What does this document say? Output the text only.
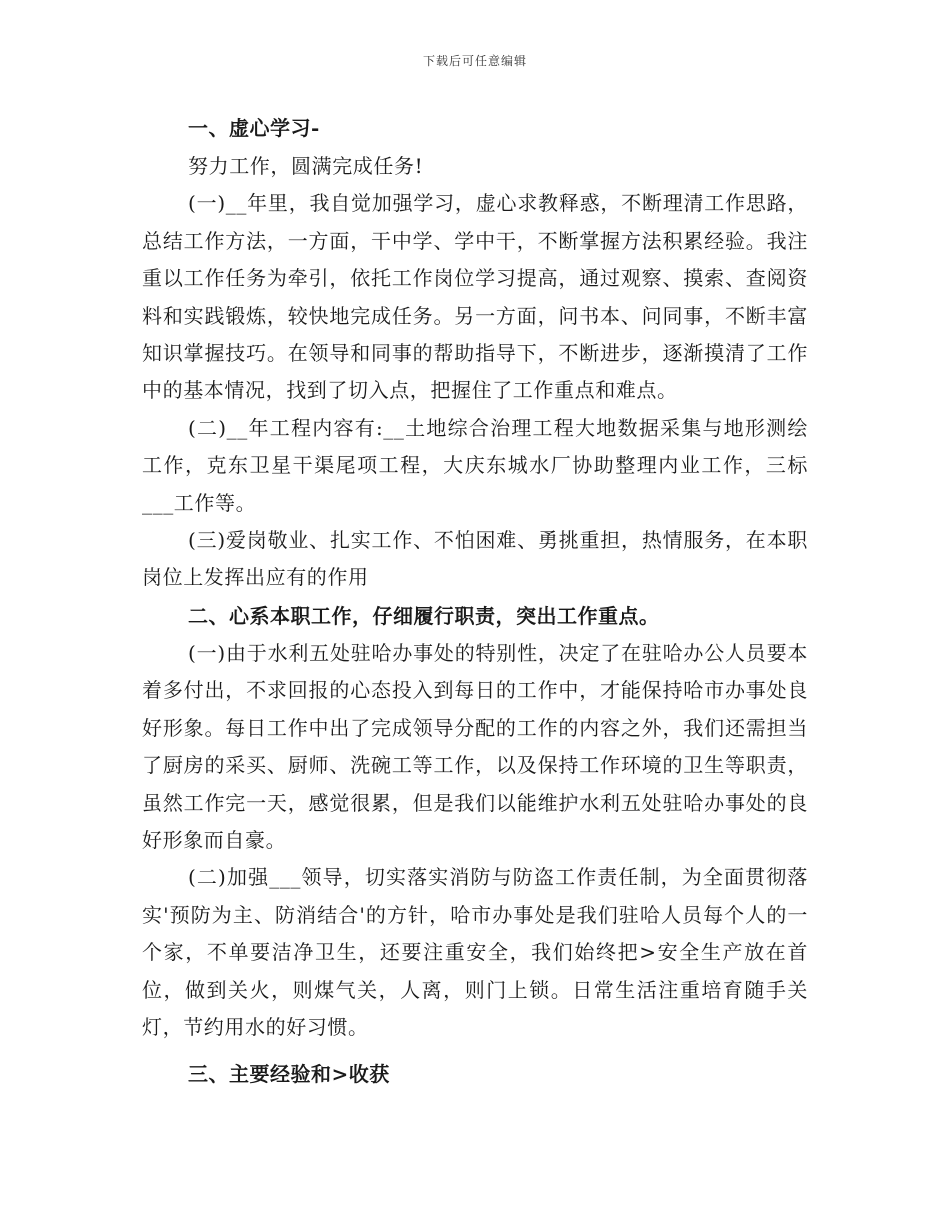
下载后可任意编辑

一、虚心学习-

努力工作，圆满完成任务!

(一)__年里，我自觉加强学习，虚心求教释惑，不断理清工作思路，总结工作方法，一方面，干中学、学中干，不断掌握方法积累经验。我注重以工作任务为牵引，依托工作岗位学习提高，通过观察、摸索、查阅资料和实践锻炼，较快地完成任务。另一方面，问书本、问同事，不断丰富知识掌握技巧。在领导和同事的帮助指导下，不断进步，逐渐摸清了工作中的基本情况，找到了切入点，把握住了工作重点和难点。

(二)__年工程内容有:__土地综合治理工程大地数据采集与地形测绘工作，克东卫星干渠尾项工程，大庆东城水厂协助整理内业工作，三标___工作等。

(三)爱岗敬业、扎实工作、不怕困难、勇挑重担，热情服务，在本职岗位上发挥出应有的作用

二、心系本职工作，仔细履行职责，突出工作重点。

(一)由于水利五处驻哈办事处的特别性，决定了在驻哈办公人员要本着多付出，不求回报的心态投入到每日的工作中，才能保持哈市办事处良好形象。每日工作中出了完成领导分配的工作的内容之外，我们还需担当了厨房的采买、厨师、洗碗工等工作，以及保持工作环境的卫生等职责，虽然工作完一天，感觉很累，但是我们以能维护水利五处驻哈办事处的良好形象而自豪。

(二)加强___领导，切实落实消防与防盗工作责任制，为全面贯彻落实'预防为主、防消结合'的方针，哈市办事处是我们驻哈人员每个人的一个家，不单要洁净卫生，还要注重安全，我们始终把>安全生产放在首位，做到关火，则煤气关，人离，则门上锁。日常生活注重培育随手关灯，节约用水的好习惯。

三、主要经验和>收获
